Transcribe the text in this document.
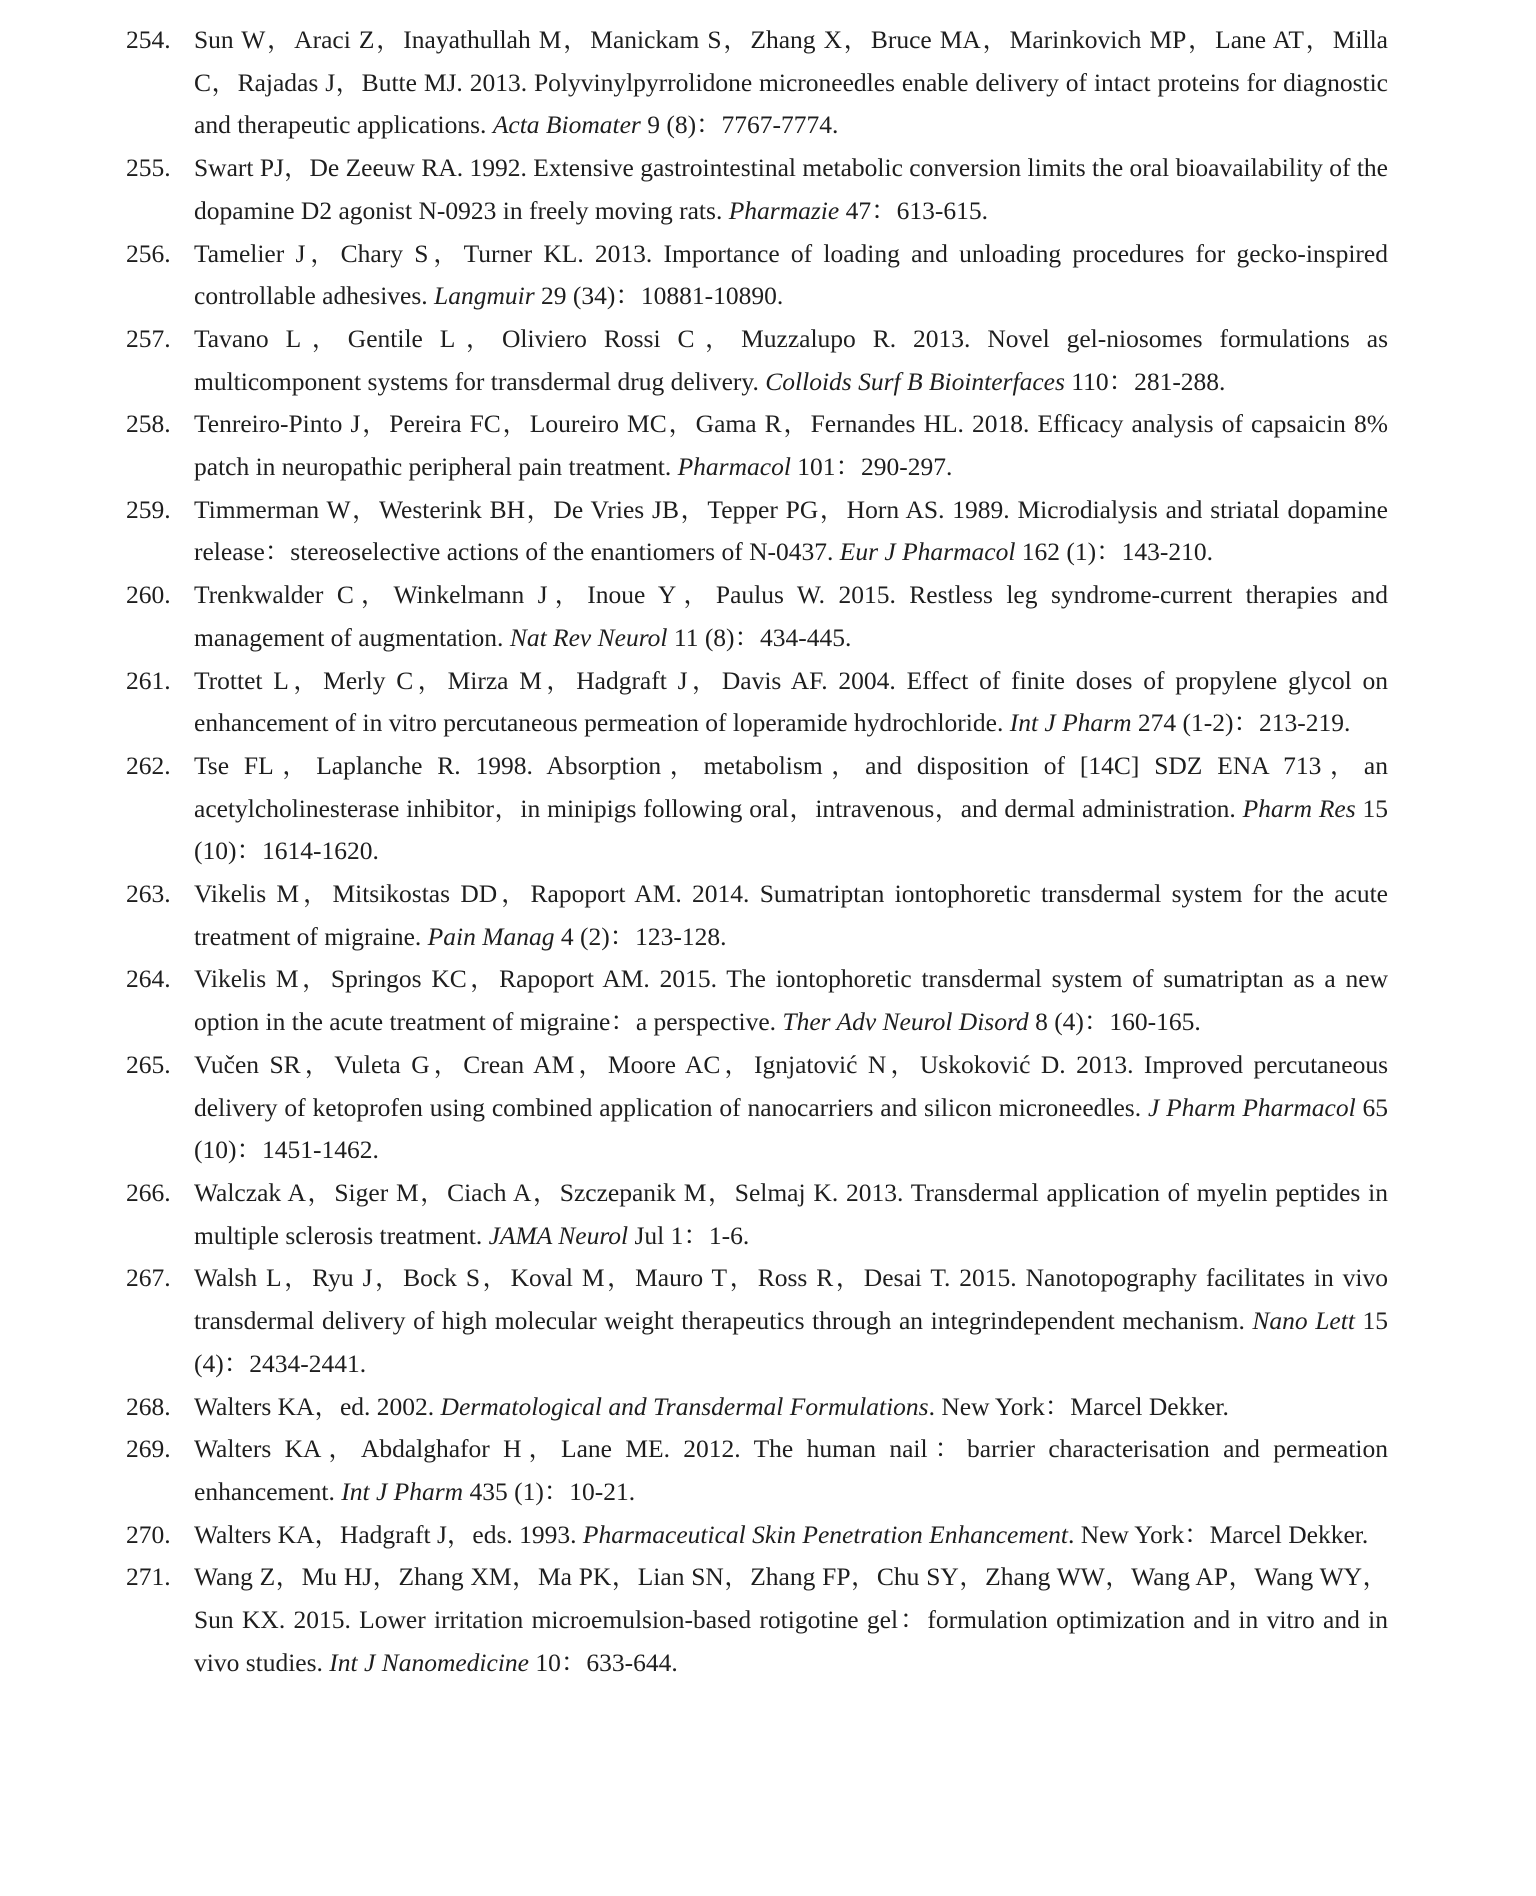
254. Sun W，Araci Z，Inayathullah M，Manickam S，Zhang X，Bruce MA，Marinkovich MP，Lane AT，Milla C，Rajadas J，Butte MJ. 2013. Polyvinylpyrrolidone microneedles enable delivery of intact proteins for diagnostic and therapeutic applications. Acta Biomater 9 (8)：7767-7774.
255. Swart PJ，De Zeeuw RA. 1992. Extensive gastrointestinal metabolic conversion limits the oral bioavailability of the dopamine D2 agonist N-0923 in freely moving rats. Pharmazie 47：613-615.
256. Tamelier J，Chary S，Turner KL. 2013. Importance of loading and unloading procedures for gecko-inspired controllable adhesives. Langmuir 29 (34)：10881-10890.
257. Tavano L，Gentile L，Oliviero Rossi C，Muzzalupo R. 2013. Novel gel-niosomes formulations as multicomponent systems for transdermal drug delivery. Colloids Surf B Biointerfaces 110：281-288.
258. Tenreiro-Pinto J，Pereira FC，Loureiro MC，Gama R，Fernandes HL. 2018. Efficacy analysis of capsaicin 8% patch in neuropathic peripheral pain treatment. Pharmacol 101：290-297.
259. Timmerman W，Westerink BH，De Vries JB，Tepper PG，Horn AS. 1989. Microdialysis and striatal dopamine release：stereoselective actions of the enantiomers of N-0437. Eur J Pharmacol 162 (1)：143-210.
260. Trenkwalder C，Winkelmann J，Inoue Y，Paulus W. 2015. Restless leg syndrome-current therapies and management of augmentation. Nat Rev Neurol 11 (8)：434-445.
261. Trottet L，Merly C，Mirza M，Hadgraft J，Davis AF. 2004. Effect of finite doses of propylene glycol on enhancement of in vitro percutaneous permeation of loperamide hydrochloride. Int J Pharm 274 (1-2)：213-219.
262. Tse FL，Laplanche R. 1998. Absorption，metabolism，and disposition of [14C] SDZ ENA 713，an acetylcholinesterase inhibitor，in minipigs following oral，intravenous，and dermal administration. Pharm Res 15 (10)：1614-1620.
263. Vikelis M，Mitsikostas DD，Rapoport AM. 2014. Sumatriptan iontophoretic transdermal system for the acute treatment of migraine. Pain Manag 4 (2)：123-128.
264. Vikelis M，Springos KC，Rapoport AM. 2015. The iontophoretic transdermal system of sumatriptan as a new option in the acute treatment of migraine：a perspective. Ther Adv Neurol Disord 8 (4)：160-165.
265. Vučen SR，Vuleta G，Crean AM，Moore AC，Ignjatović N，Uskoković D. 2013. Improved percutaneous delivery of ketoprofen using combined application of nanocarriers and silicon microneedles. J Pharm Pharmacol 65 (10)：1451-1462.
266. Walczak A，Siger M，Ciach A，Szczepanik M，Selmaj K. 2013. Transdermal application of myelin peptides in multiple sclerosis treatment. JAMA Neurol Jul 1：1-6.
267. Walsh L，Ryu J，Bock S，Koval M，Mauro T，Ross R，Desai T. 2015. Nanotopography facilitates in vivo transdermal delivery of high molecular weight therapeutics through an integrindependent mechanism. Nano Lett 15 (4)：2434-2441.
268. Walters KA，ed. 2002. Dermatological and Transdermal Formulations. New York：Marcel Dekker.
269. Walters KA，Abdalghafor H，Lane ME. 2012. The human nail：barrier characterisation and permeation enhancement. Int J Pharm 435 (1)：10-21.
270. Walters KA，Hadgraft J，eds. 1993. Pharmaceutical Skin Penetration Enhancement. New York：Marcel Dekker.
271. Wang Z，Mu HJ，Zhang XM，Ma PK，Lian SN，Zhang FP，Chu SY，Zhang WW，Wang AP，Wang WY，Sun KX. 2015. Lower irritation microemulsion-based rotigotine gel：formulation optimization and in vitro and in vivo studies. Int J Nanomedicine 10：633-644.
